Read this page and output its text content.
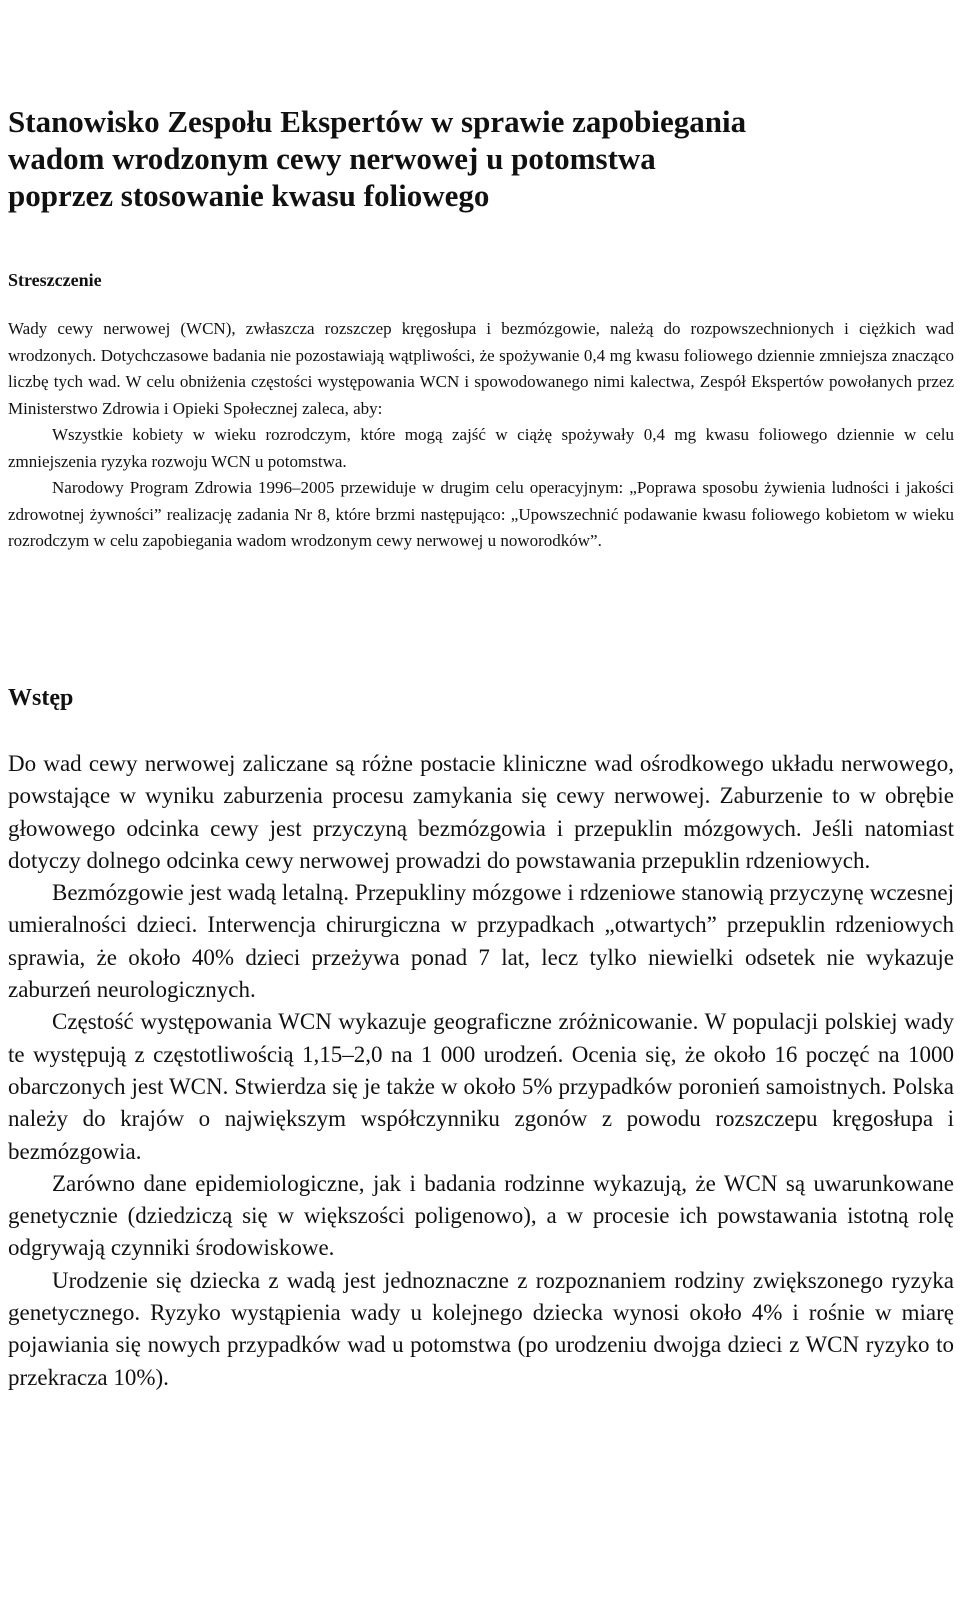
Stanowisko Zespołu Ekspertów w sprawie zapobiegania
wadom wrodzonym cewy nerwowej u potomstwa
poprzez stosowanie kwasu foliowego
Streszczenie

Wady cewy nerwowej (WCN), zwłaszcza rozszczep kręgosłupa i bezmózgowie, należą do rozpowszechnionych i ciężkich wad wrodzonych. Dotychczasowe badania nie pozostawiają wątpliwości, że spożywanie 0,4 mg kwasu foliowego dziennie zmniejsza znacząco liczbę tych wad. W celu obniżenia częstości występowania WCN i spowodowanego nimi kalectwa, Zespół Ekspertów powołanych przez Ministerstwo Zdrowia i Opieki Społecznej zaleca, aby:

Wszystkie kobiety w wieku rozrodczym, które mogą zajść w ciążę spożywały 0,4 mg kwasu foliowego dziennie w celu zmniejszenia ryzyka rozwoju WCN u potomstwa.

Narodowy Program Zdrowia 1996–2005 przewiduje w drugim celu operacyjnym: „Poprawa sposobu żywienia ludności i jakości zdrowotnej żywności” realizację zadania Nr 8, które brzmi następująco: „Upowszechnić podawanie kwasu foliowego kobietom w wieku rozrodczym w celu zapobiegania wadom wrodzonym cewy nerwowej u noworodków”.

Wstęp

Do wad cewy nerwowej zaliczane są różne postacie kliniczne wad ośrodkowego układu nerwowego, powstające w wyniku zaburzenia procesu zamykania się cewy nerwowej. Zaburzenie to w obrębie głowowego odcinka cewy jest przyczyną bezmózgowia i przepuklin mózgowych. Jeśli natomiast dotyczy dolnego odcinka cewy nerwowej prowadzi do powstawania przepuklin rdzeniowych.

Bezmózgowie jest wadą letalną. Przepukliny mózgowe i rdzeniowe stanowią przyczynę wczesnej umieralności dzieci. Interwencja chirurgiczna w przypadkach „otwartych” przepuklin rdzeniowych sprawia, że około 40% dzieci przeżywa ponad 7 lat, lecz tylko niewielki odsetek nie wykazuje zaburzeń neurologicznych.

Częstość występowania WCN wykazuje geograficzne zróżnicowanie. W populacji polskiej wady te występują z częstotliwością 1,15–2,0 na 1 000 urodzeń. Ocenia się, że około 16 poczęć na 1000 obarczonych jest WCN. Stwierdza się je także w około 5% przypadków poronień samoistnych. Polska należy do krajów o największym współczynniku zgonów z powodu rozszczepu kręgosłupa i bezmózgowia.

Zarówno dane epidemiologiczne, jak i badania rodzinne wykazują, że WCN są uwarunkowane genetycznie (dziedziczą się w większości poligenowo), a w procesie ich powstawania istotną rolę odgrywają czynniki środowiskowe.

Urodzenie się dziecka z wadą jest jednoznaczne z rozpoznaniem rodziny zwiększonego ryzyka genetycznego. Ryzyko wystąpienia wady u kolejnego dziecka wynosi około 4% i rośnie w miarę pojawiania się nowych przypadków wad u potomstwa (po urodzeniu dwojga dzieci z WCN ryzyko to przekracza 10%).
